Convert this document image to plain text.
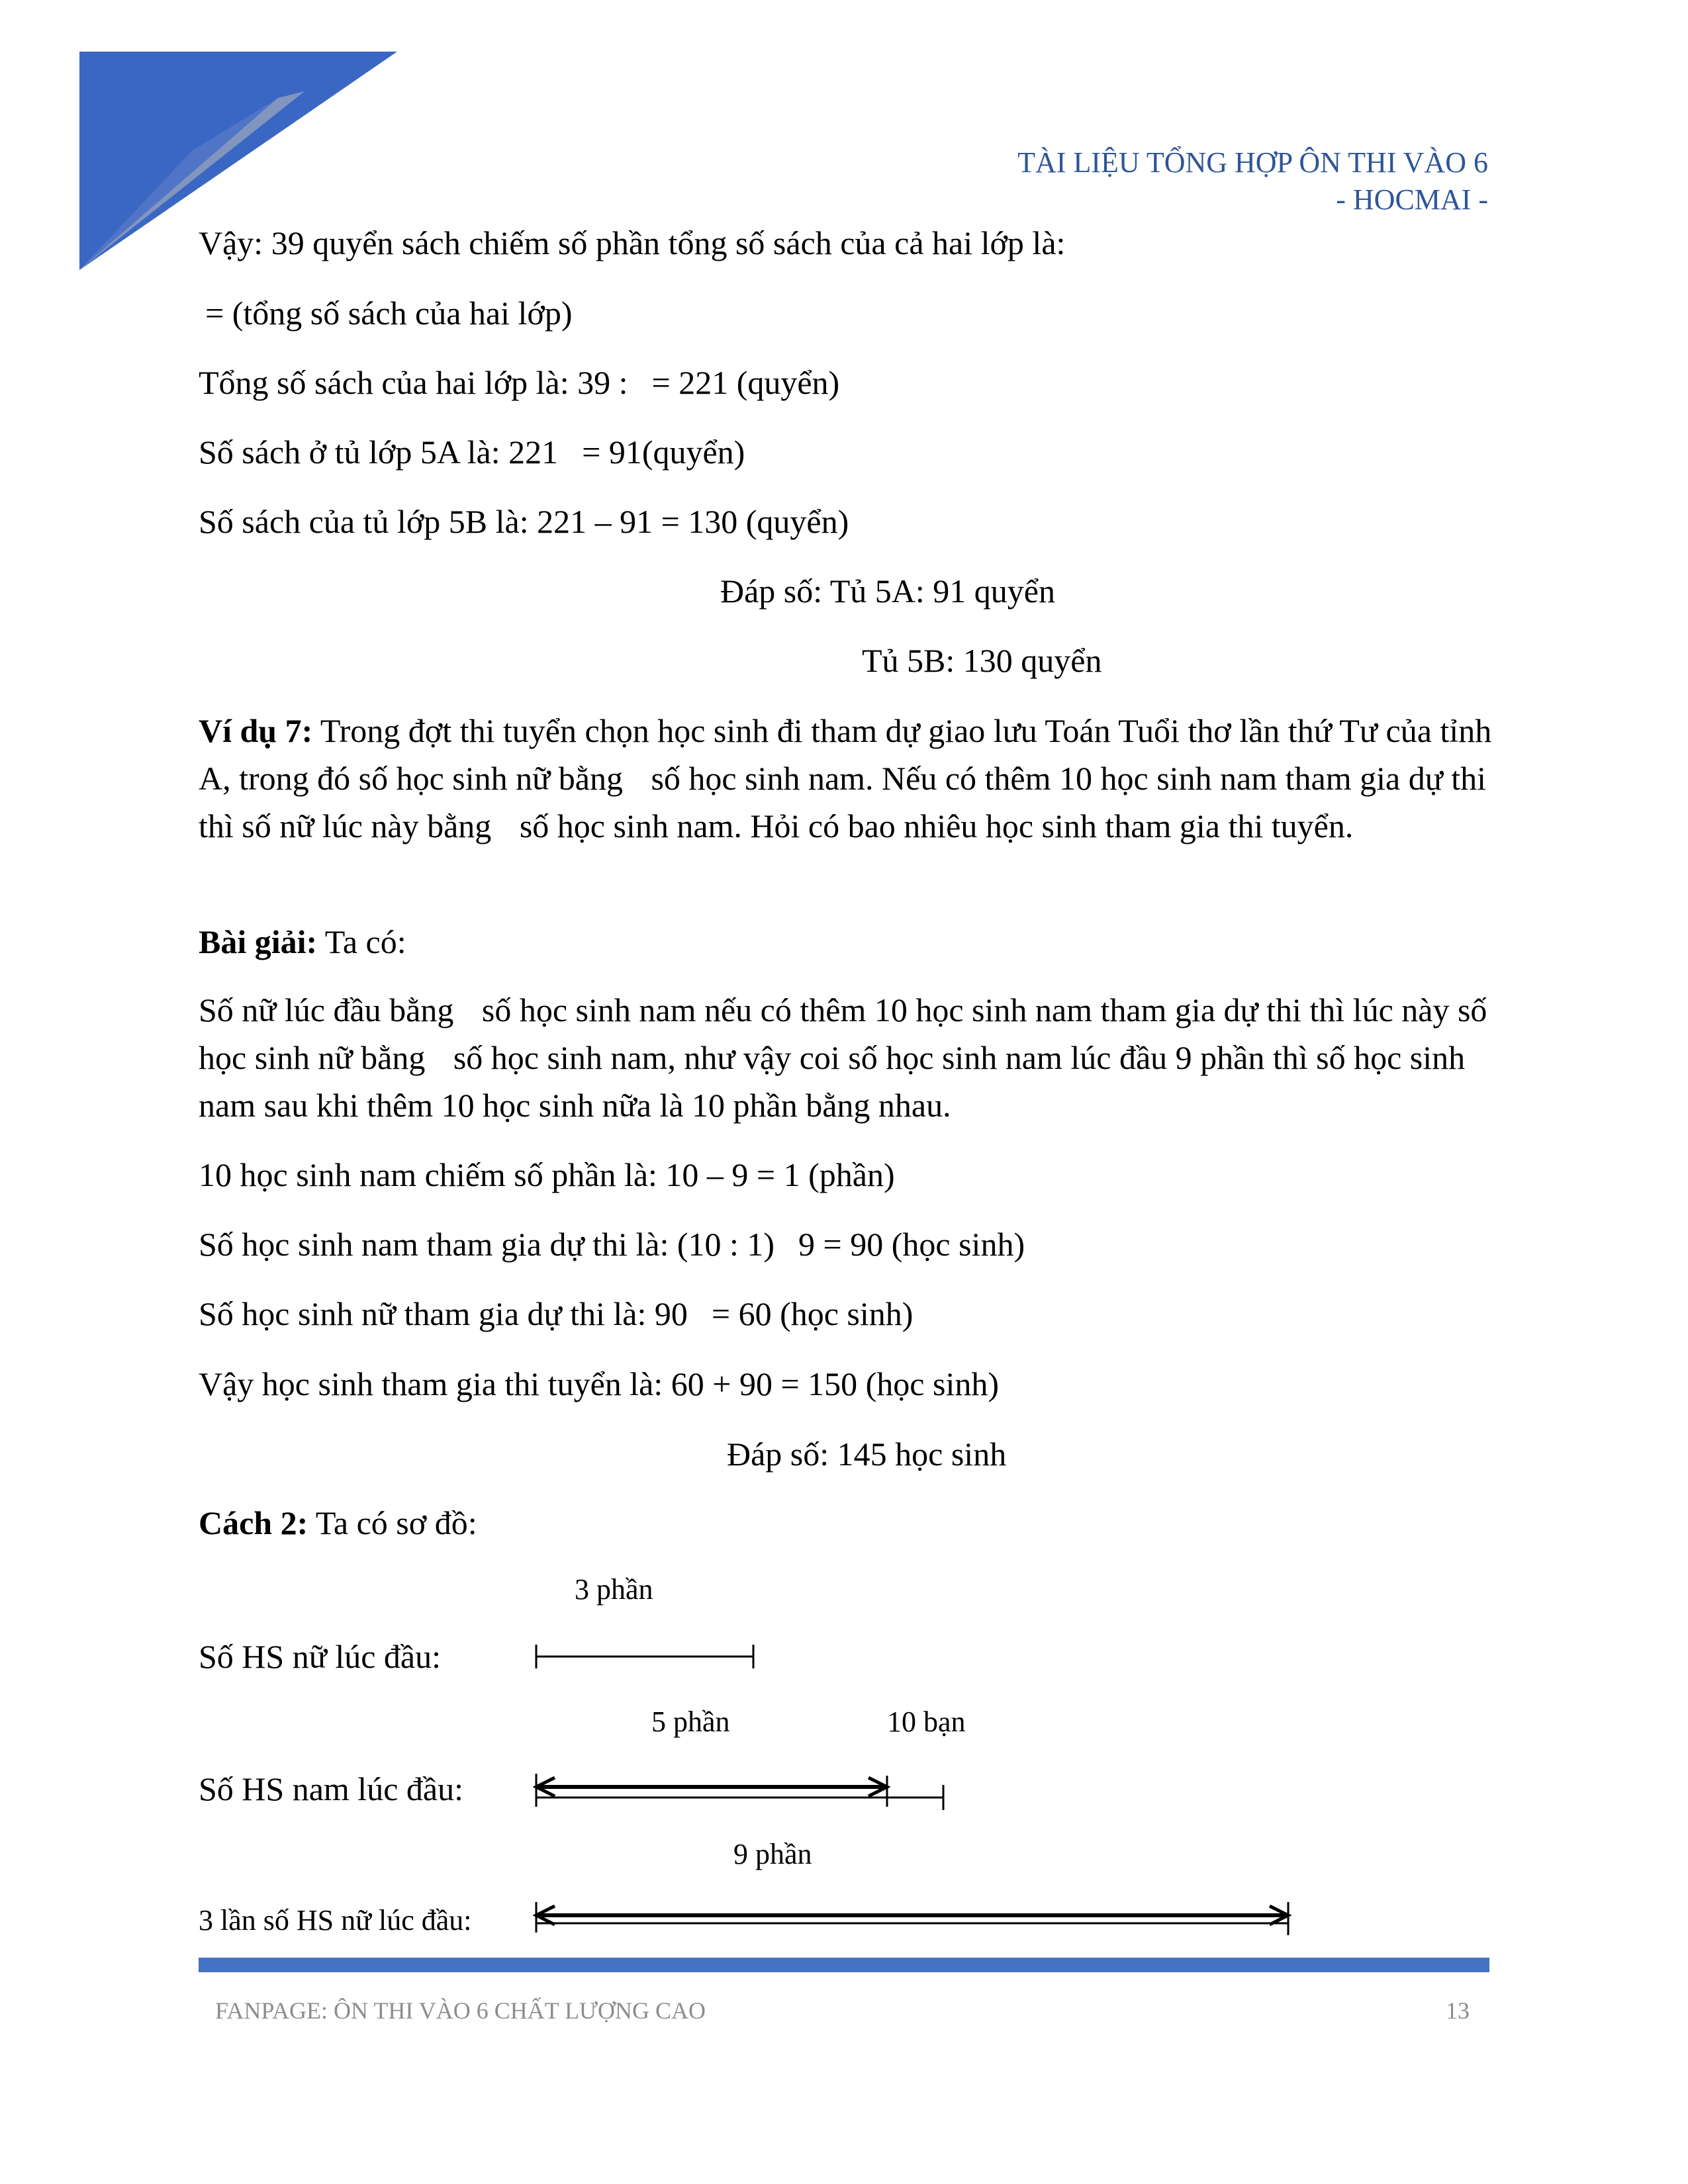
TÀI LIỆU TỔNG HỢP ÔN THI VÀO 6
- HOCMAI -
Vậy: 39 quyển sách chiếm số phần tổng số sách của cả hai lớp là:
= (tổng số sách của hai lớp)
Tổng số sách của hai lớp là: 39 : = 221 (quyển)
Số sách ở tủ lớp 5A là: 221 = 91(quyển)
Số sách của tủ lớp 5B là: 221 – 91 = 130 (quyển)
Đáp số: Tủ 5A: 91 quyển
Tủ 5B: 130 quyển
Ví dụ 7: Trong đợt thi tuyển chọn học sinh đi tham dự giao lưu Toán Tuổi thơ lần thứ Tư của tỉnh A, trong đó số học sinh nữ bằng số học sinh nam. Nếu có thêm 10 học sinh nam tham gia dự thi thì số nữ lúc này bằng số học sinh nam. Hỏi có bao nhiêu học sinh tham gia thi tuyển.
Bài giải: Ta có:
Số nữ lúc đầu bằng số học sinh nam nếu có thêm 10 học sinh nam tham gia dự thi thì lúc này số học sinh nữ bằng số học sinh nam, như vậy coi số học sinh nam lúc đầu 9 phần thì số học sinh nam sau khi thêm 10 học sinh nữa là 10 phần bằng nhau.
10 học sinh nam chiếm số phần là: 10 – 9 = 1 (phần)
Số học sinh nam tham gia dự thi là: (10 : 1) 9 = 90 (học sinh)
Số học sinh nữ tham gia dự thi là: 90 = 60 (học sinh)
Vậy học sinh tham gia thi tuyển là: 60 + 90 = 150 (học sinh)
Đáp số: 145 học sinh
Cách 2: Ta có sơ đồ:
3 phần
Số HS nữ lúc đầu:
5 phần	10 bạn
Số HS nam lúc đầu:
9 phần
3 lần số HS nữ lúc đầu:
FANPAGE: ÔN THI VÀO 6 CHẤT LƯỢNG CAO	13
